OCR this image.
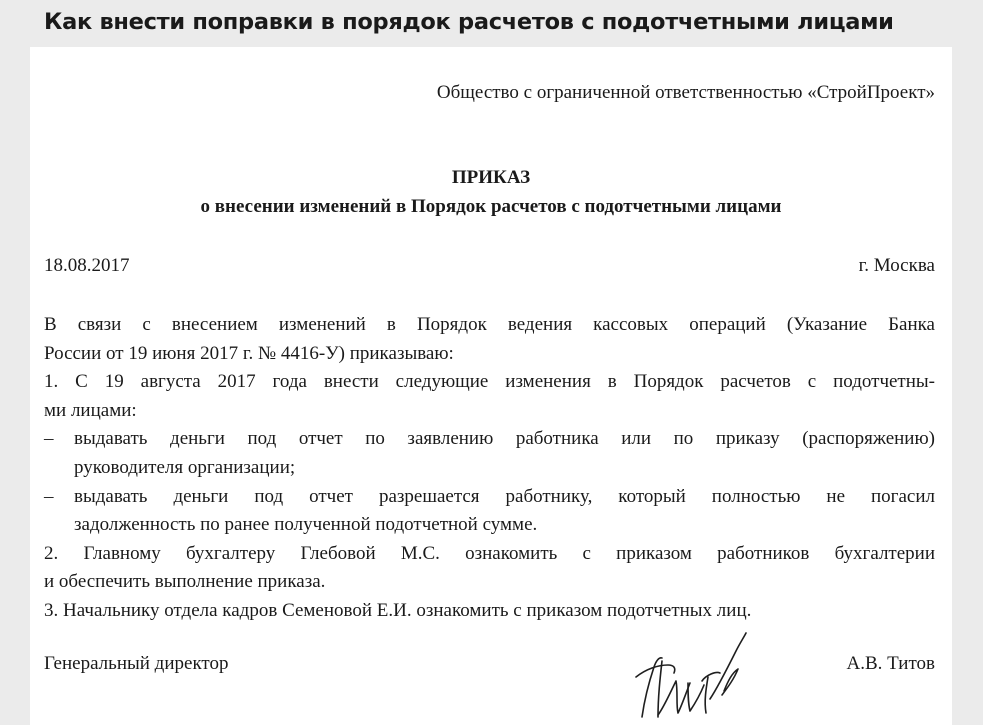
Как внести поправки в порядок расчетов с подотчетными лицами
Общество с ограниченной ответственностью «СтройПроект»
ПРИКАЗ
о внесении изменений в Порядок расчетов с подотчетными лицами
18.08.2017	г. Москва
В связи с внесением изменений в Порядок ведения кассовых операций (Указание Банка
России от 19 июня 2017 г. № 4416-У) приказываю:
1. С 19 августа 2017 года внести следующие изменения в Порядок расчетов с подотчетны-
ми лицами:
– выдавать деньги под отчет по заявлению работника или по приказу (распоряжению)
руководителя организации;
– выдавать деньги под отчет разрешается работнику, который полностью не погасил
задолженность по ранее полученной подотчетной сумме.
2. Главному бухгалтеру Глебовой М.С. ознакомить с приказом работников бухгалтерии
и обеспечить выполнение приказа.
3. Начальнику отдела кадров Семеновой Е.И. ознакомить с приказом подотчетных лиц.
Генеральный директор	А.В. Титов
